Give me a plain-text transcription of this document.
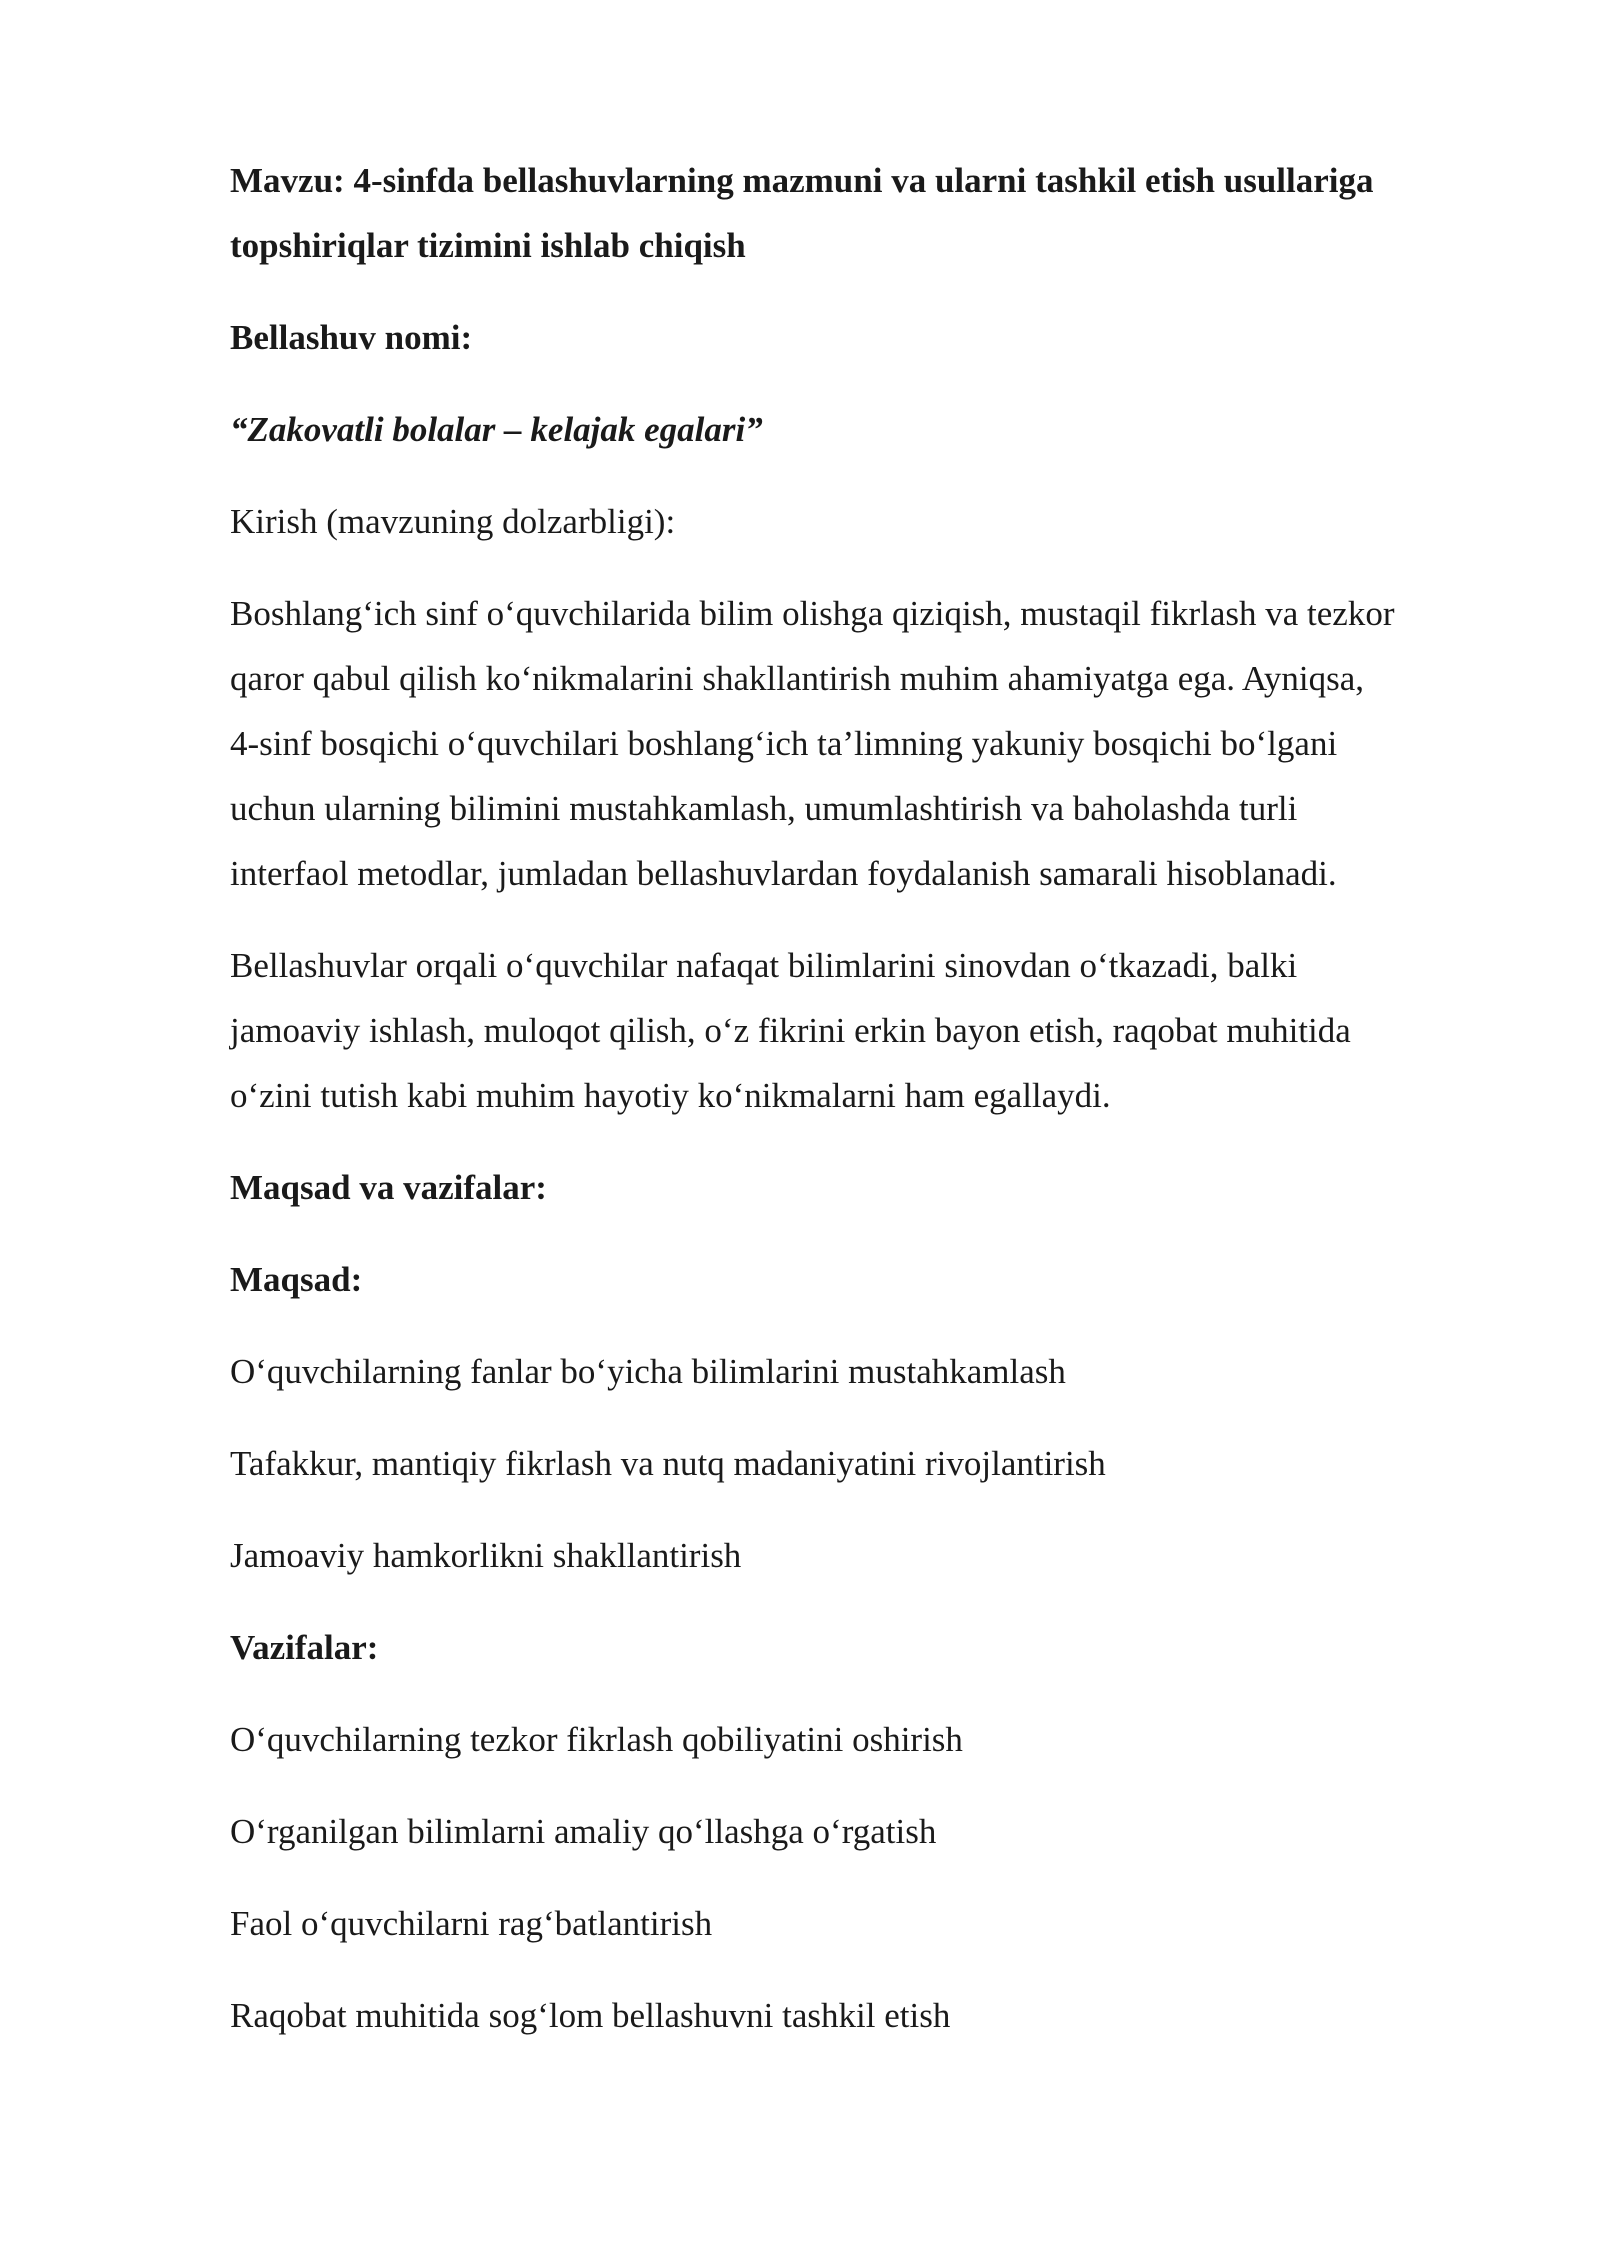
Mavzu: 4-sinfda bellashuvlarning mazmuni va ularni tashkil etish usullariga

topshiriqlar tizimini ishlab chiqish

Bellashuv nomi:

“Zakovatli bolalar – kelajak egalari”

Kirish (mavzuning dolzarbligi):

Boshlang‘ich sinf o‘quvchilarida bilim olishga qiziqish, mustaqil fikrlash va tezkor

qaror qabul qilish ko‘nikmalarini shakllantirish muhim ahamiyatga ega. Ayniqsa,

4-sinf bosqichi o‘quvchilari boshlang‘ich ta’limning yakuniy bosqichi bo‘lgani

uchun ularning bilimini mustahkamlash, umumlashtirish va baholashda turli

interfaol metodlar, jumladan bellashuvlardan foydalanish samarali hisoblanadi.

Bellashuvlar orqali o‘quvchilar nafaqat bilimlarini sinovdan o‘tkazadi, balki

jamoaviy ishlash, muloqot qilish, o‘z fikrini erkin bayon etish, raqobat muhitida

o‘zini tutish kabi muhim hayotiy ko‘nikmalarni ham egallaydi.

Maqsad va vazifalar:

Maqsad:

O‘quvchilarning fanlar bo‘yicha bilimlarini mustahkamlash

Tafakkur, mantiqiy fikrlash va nutq madaniyatini rivojlantirish

Jamoaviy hamkorlikni shakllantirish

Vazifalar:

O‘quvchilarning tezkor fikrlash qobiliyatini oshirish

O‘rganilgan bilimlarni amaliy qo‘llashga o‘rgatish

Faol o‘quvchilarni rag‘batlantirish

Raqobat muhitida sog‘lom bellashuvni tashkil etish
